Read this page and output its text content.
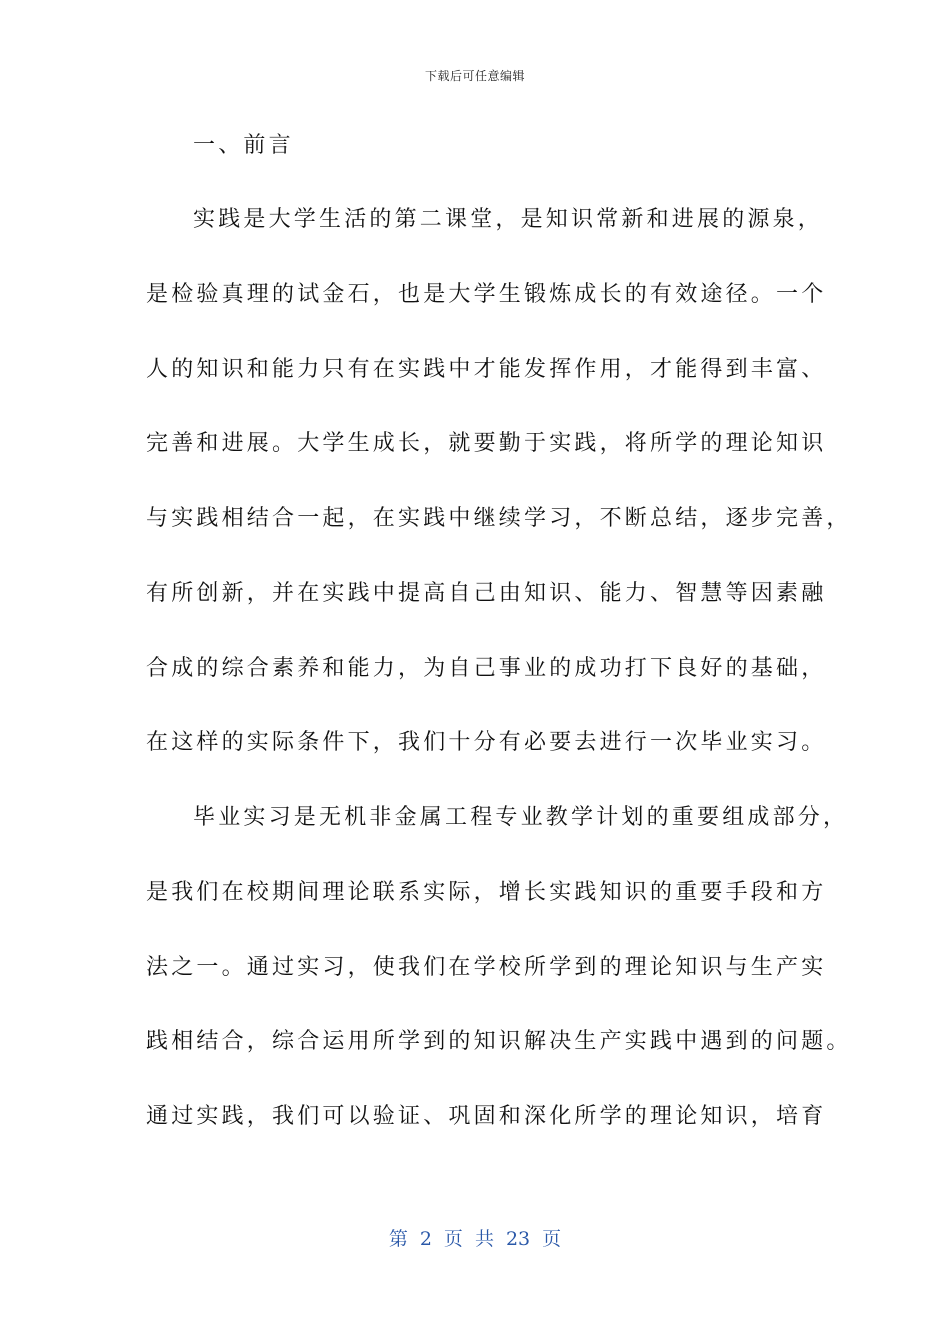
下载后可任意编辑
一、前言
实践是大学生活的第二课堂，是知识常新和进展的源泉，
是检验真理的试金石，也是大学生锻炼成长的有效途径。一个
人的知识和能力只有在实践中才能发挥作用，才能得到丰富、
完善和进展。大学生成长，就要勤于实践，将所学的理论知识
与实践相结合一起，在实践中继续学习，不断总结，逐步完善，
有所创新，并在实践中提高自己由知识、能力、智慧等因素融
合成的综合素养和能力，为自己事业的成功打下良好的基础，
在这样的实际条件下，我们十分有必要去进行一次毕业实习。
毕业实习是无机非金属工程专业教学计划的重要组成部分，
是我们在校期间理论联系实际，增长实践知识的重要手段和方
法之一。通过实习，使我们在学校所学到的理论知识与生产实
践相结合，综合运用所学到的知识解决生产实践中遇到的问题。
通过实践，我们可以验证、巩固和深化所学的理论知识，培育
第 2 页 共 23 页
